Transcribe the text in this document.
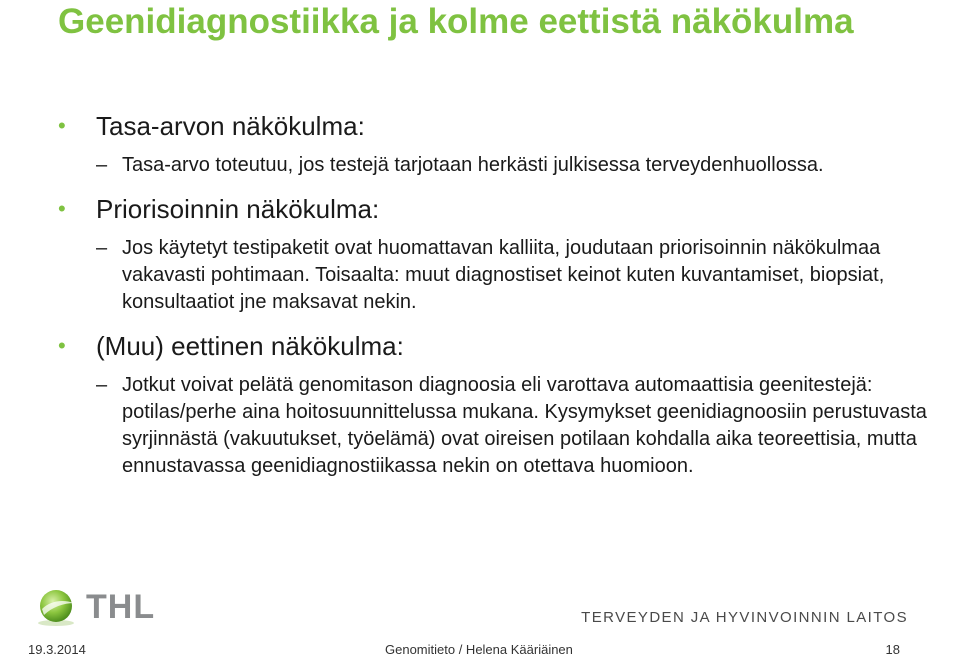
Geenidiagnostiikka ja kolme eettistä näkökulma
• Tasa-arvon näkökulma:
– Tasa-arvo toteutuu, jos testejä tarjotaan herkästi julkisessa terveydenhuollossa.
• Priorisoinnin näkökulma:
– Jos käytetyt testipaketit ovat huomattavan kalliita, joudutaan priorisoinnin näkökulmaa vakavasti pohtimaan. Toisaalta: muut diagnostiset keinot kuten kuvantamiset, biopsiat, konsultaatiot jne maksavat nekin.
• (Muu) eettinen näkökulma:
– Jotkut voivat pelätä genomitason diagnoosia eli varottava automaattisia geenitestejä: potilas/perhe aina hoitosuunnittelussa mukana. Kysymykset geenidiagnoosiin perustuvasta syrjinnästä (vakuutukset, työelämä) ovat oireisen potilaan kohdalla aika teoreettisia, mutta ennustavassa geenidiagnostiikassa nekin on otettava huomioon.
THL	TERVEYDEN JA HYVINVOINNIN LAITOS
19.3.2014	Genomitieto / Helena Kääriäinen	18
